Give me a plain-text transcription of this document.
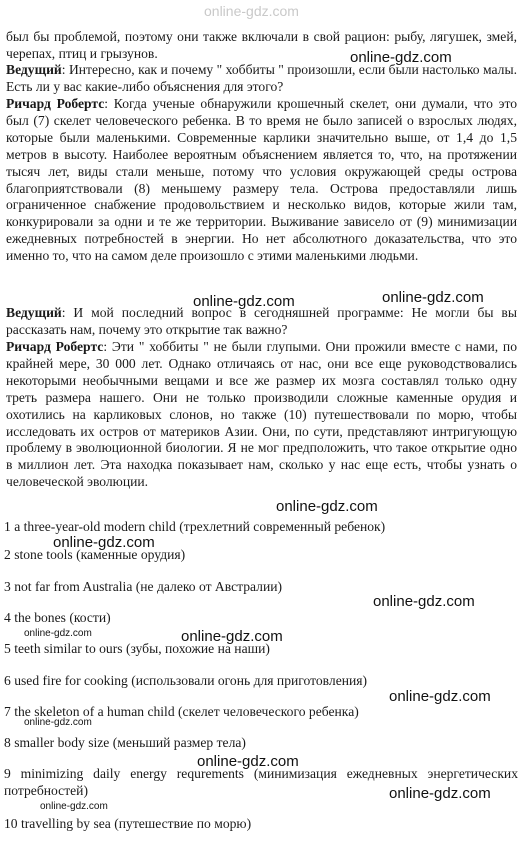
online-gdz.com

был бы проблемой, поэтому они также включали в свой рацион: рыбу, лягушек, змей, черепах, птиц и грызунов.

Ведущий: Интересно, как и почему " хоббиты " произошли, если были настолько малы. Есть ли у вас какие-либо объяснения для этого?

Ричард Робертс: Когда ученые обнаружили крошечный скелет, они думали, что это был (7) скелет человеческого ребенка. В то время не было записей о взрослых людях, которые были маленькими. Современные карлики значительно выше, от 1,4 до 1,5 метров в высоту. Наиболее вероятным объяснением является то, что, на протяжении тысяч лет, виды стали меньше, потому что условия окружающей среды острова благоприятствовали (8) меньшему размеру тела. Острова предоставляли лишь ограниченное снабжение продовольствием и несколько видов, которые жили там, конкурировали за одни и те же территории. Выживание зависело от (9) минимизации ежедневных потребностей в энергии. Но нет абсолютного доказательства, что это именно то, что на самом деле произошло с этими маленькими людьми.

Ведущий: И мой последний вопрос в сегодняшней программе: Не могли бы вы рассказать нам, почему это открытие так важно?

Ричард Робертс: Эти " хоббиты " не были глупыми. Они прожили вместе с нами, по крайней мере, 30 000 лет. Однако отличаясь от нас, они все еще руководствовались некоторыми необычными вещами и все же размер их мозга составлял только одну треть размера нашего. Они не только производили сложные каменные орудия и охотились на карликовых слонов, но также (10) путешествовали по морю, чтобы исследовать их остров от материков Азии. Они, по сути, представляют интригующую проблему в эволюционной биологии. Я не мог предположить, что такое открытие одно в миллион лет. Эта находка показывает нам, сколько у нас еще есть, чтобы узнать о человеческой эволюции.

1 a three-year-old modern child (трехлетний современный ребенок)
2 stone tools (каменные орудия)
3 not far from Australia (не далеко от Австралии)
4 the bones (кости)
5 teeth similar to ours (зубы, похожие на наши)
6 used fire for cooking (использовали огонь для приготовления)
7 the skeleton of a human child (скелет человеческого ребенка)
8 smaller body size (меньший размер тела)
9 minimizing daily energy requrements (минимизация ежедневных энергетических потребностей)
10 travelling by sea (путешествие по морю)
online-gdz.com
online-gdz.com	online-gdz.com
online-gdz.com
online-gdz.com
online-gdz.com
online-gdz.com	online-gdz.com
online-gdz.com
online-gdz.com
online-gdz.com
online-gdz.com
online-gdz.com
